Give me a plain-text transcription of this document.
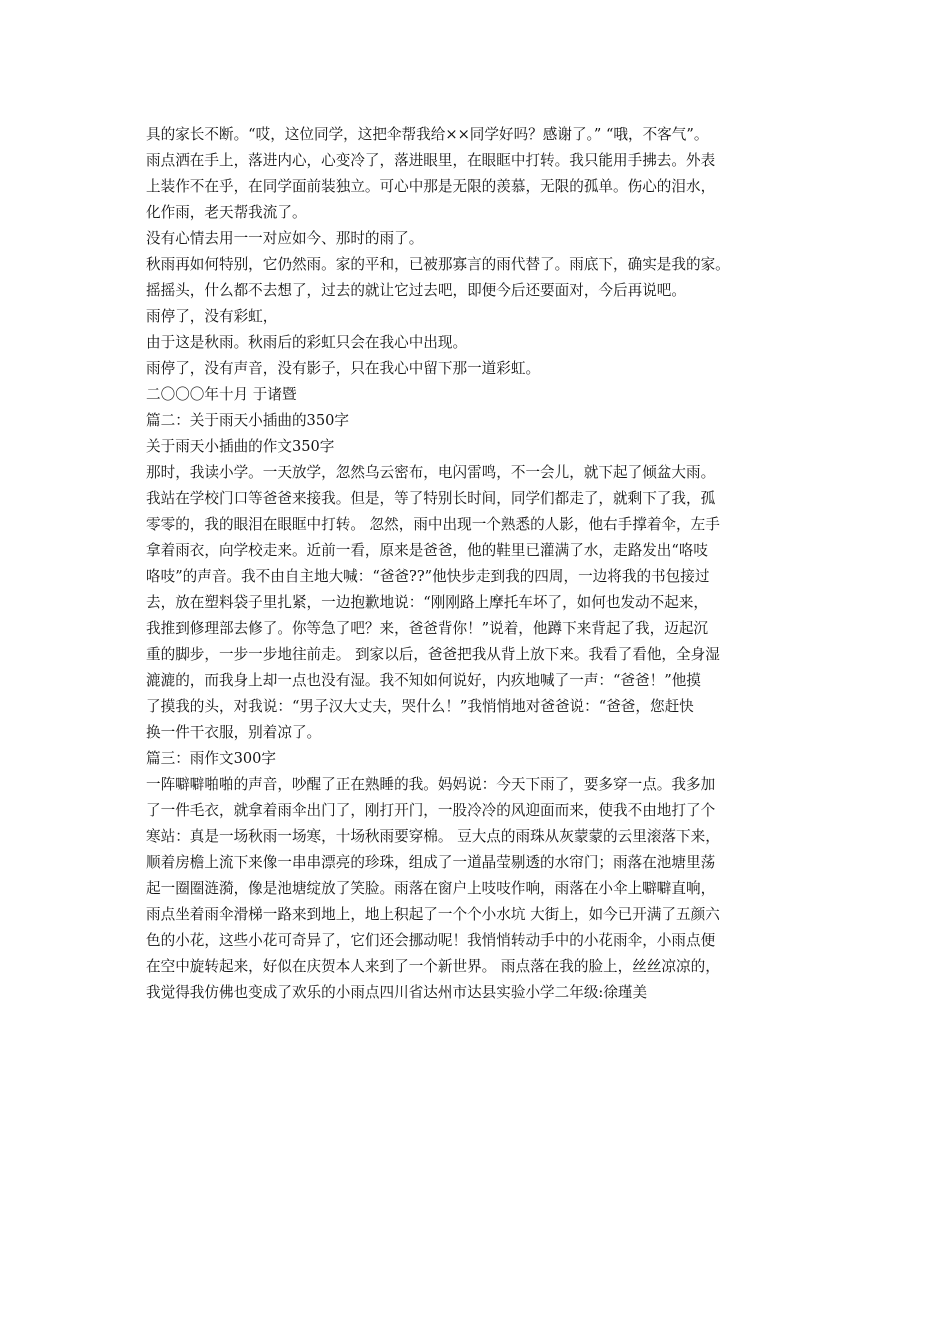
具的家长不断。“哎，这位同学，这把伞帮我给××同学好吗？感谢了。” “哦，不客气”。
雨点洒在手上，落进内心，心变冷了，落进眼里，在眼眶中打转。我只能用手拂去。外表
上装作不在乎，在同学面前装独立。可心中那是无限的羡慕，无限的孤单。伤心的泪水，
化作雨，老天帮我流了。
没有心情去用一一对应如今、那时的雨了。
秋雨再如何特别，它仍然雨。家的平和，已被那寡言的雨代替了。雨底下，确实是我的家。
摇摇头，什么都不去想了，过去的就让它过去吧，即便今后还要面对，今后再说吧。
雨停了，没有彩虹，
由于这是秋雨。秋雨后的彩虹只会在我心中出现。
雨停了，没有声音，没有影子，只在我心中留下那一道彩虹。
二〇〇〇年十月 于诸暨
篇二：关于雨天小插曲的350字
关于雨天小插曲的作文350字
那时，我读小学。一天放学，忽然乌云密布，电闪雷鸣，不一会儿，就下起了倾盆大雨。
我站在学校门口等爸爸来接我。但是，等了特别长时间，同学们都走了，就剩下了我，孤
零零的，我的眼泪在眼眶中打转。 忽然，雨中出现一个熟悉的人影，他右手撑着伞，左手
拿着雨衣，向学校走来。近前一看，原来是爸爸，他的鞋里已灌满了水，走路发出“咯吱
咯吱”的声音。我不由自主地大喊：“爸爸??”他快步走到我的四周，一边将我的书包接过
去，放在塑料袋子里扎紧，一边抱歉地说：“刚刚路上摩托车坏了，如何也发动不起来，
我推到修理部去修了。你等急了吧？来，爸爸背你！”说着，他蹲下来背起了我，迈起沉
重的脚步，一步一步地往前走。 到家以后，爸爸把我从背上放下来。我看了看他，全身湿
漉漉的，而我身上却一点也没有湿。我不知如何说好，内疚地喊了一声：“爸爸！”他摸
了摸我的头，对我说：“男子汉大丈夫，哭什么！”我悄悄地对爸爸说：“爸爸，您赶快
换一件干衣服，别着凉了。
篇三：雨作文300字
一阵噼噼啪啪的声音，吵醒了正在熟睡的我。妈妈说：今天下雨了，要多穿一点。我多加
了一件毛衣，就拿着雨伞出门了，刚打开门，一股冷冷的风迎面而来，使我不由地打了个
寒站：真是一场秋雨一场寒，十场秋雨要穿棉。 豆大点的雨珠从灰蒙蒙的云里滚落下来，
顺着房檐上流下来像一串串漂亮的珍珠，组成了一道晶莹剔透的水帘门；雨落在池塘里荡
起一圈圈涟漪，像是池塘绽放了笑脸。雨落在窗户上吱吱作响，雨落在小伞上噼噼直响，
雨点坐着雨伞滑梯一路来到地上，地上积起了一个个小水坑 大街上，如今已开满了五颜六
色的小花，这些小花可奇异了，它们还会挪动呢！我悄悄转动手中的小花雨伞，小雨点便
在空中旋转起来，好似在庆贺本人来到了一个新世界。 雨点落在我的脸上，丝丝凉凉的，
我觉得我仿佛也变成了欢乐的小雨点四川省达州市达县实验小学二年级:徐瑾美
